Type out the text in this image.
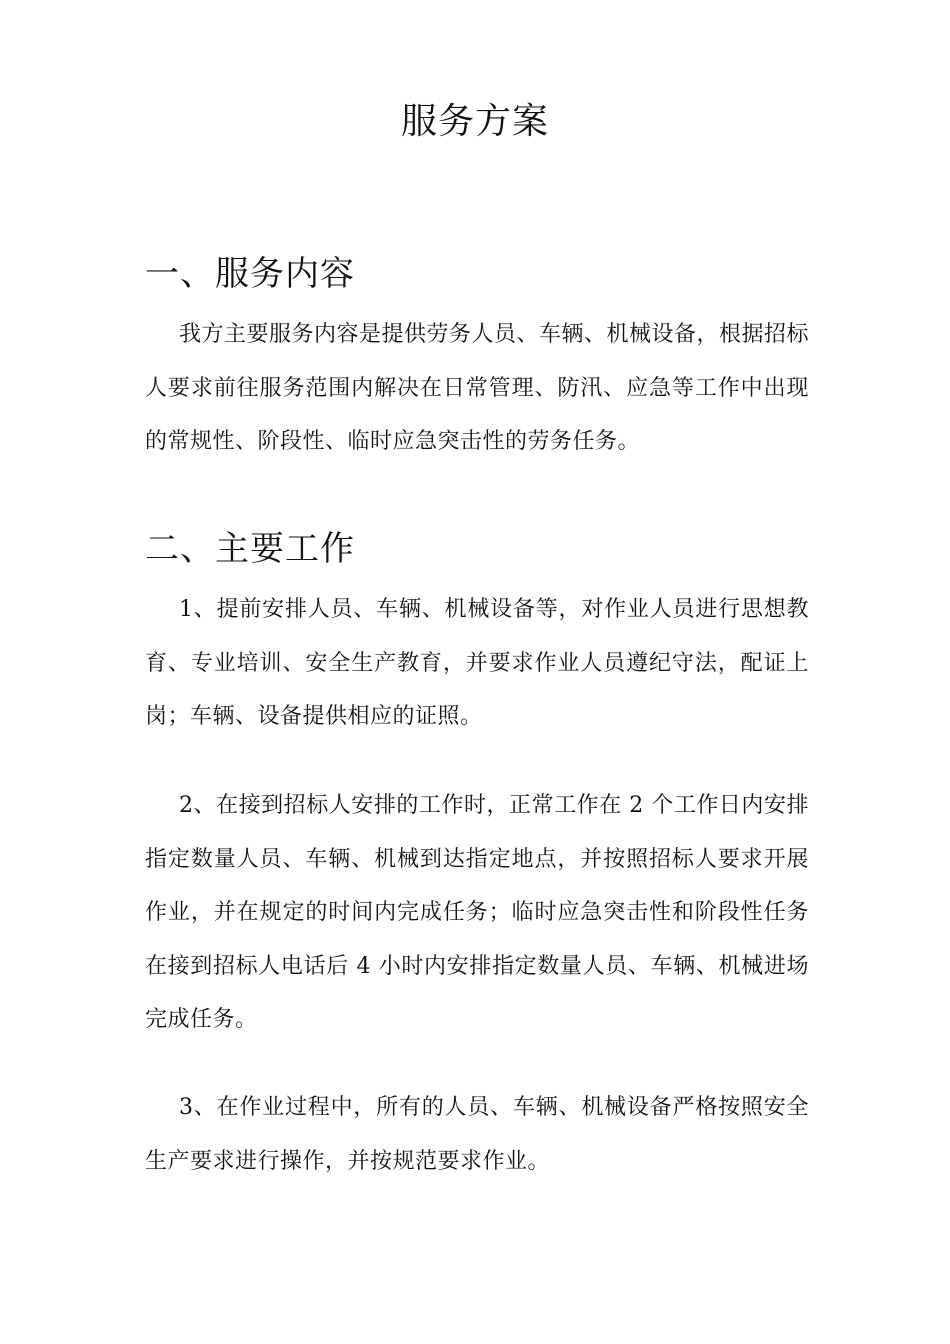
服务方案
一、服务内容

我方主要服务内容是提供劳务人员、车辆、机械设备，根据招标人要求前往服务范围内解决在日常管理、防汛、应急等工作中出现的常规性、阶段性、临时应急突击性的劳务任务。

二、主要工作

1、提前安排人员、车辆、机械设备等，对作业人员进行思想教育、专业培训、安全生产教育，并要求作业人员遵纪守法，配证上岗；车辆、设备提供相应的证照。

2、在接到招标人安排的工作时，正常工作在 2 个工作日内安排指定数量人员、车辆、机械到达指定地点，并按照招标人要求开展作业，并在规定的时间内完成任务；临时应急突击性和阶段性任务在接到招标人电话后 4 小时内安排指定数量人员、车辆、机械进场完成任务。

3、在作业过程中，所有的人员、车辆、机械设备严格按照安全生产要求进行操作，并按规范要求作业。
